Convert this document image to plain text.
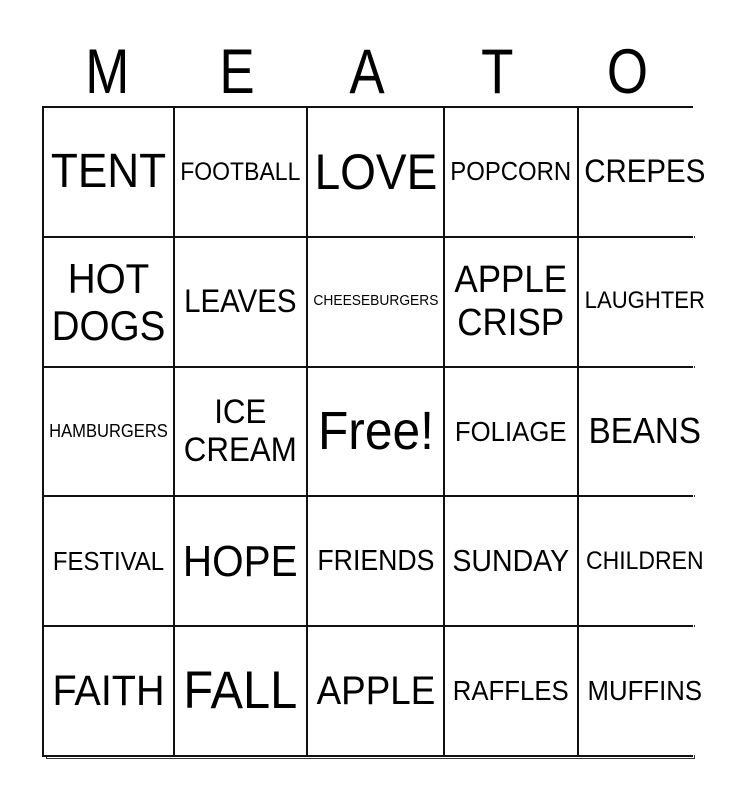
M E A T O
TENT FOOTBALL LOVE POPCORN CREPES
HOT DOGS
LEAVES CHEESEBURGERS APPLE CRISP
LAUGHTER
HAMBURGERS	ICE CREAM Free! FOLIAGE BEANS
FESTIVAL HOPE FRIENDS SUNDAY CHILDREN
FAITH FALL APPLE RAFFLES MUFFINS
